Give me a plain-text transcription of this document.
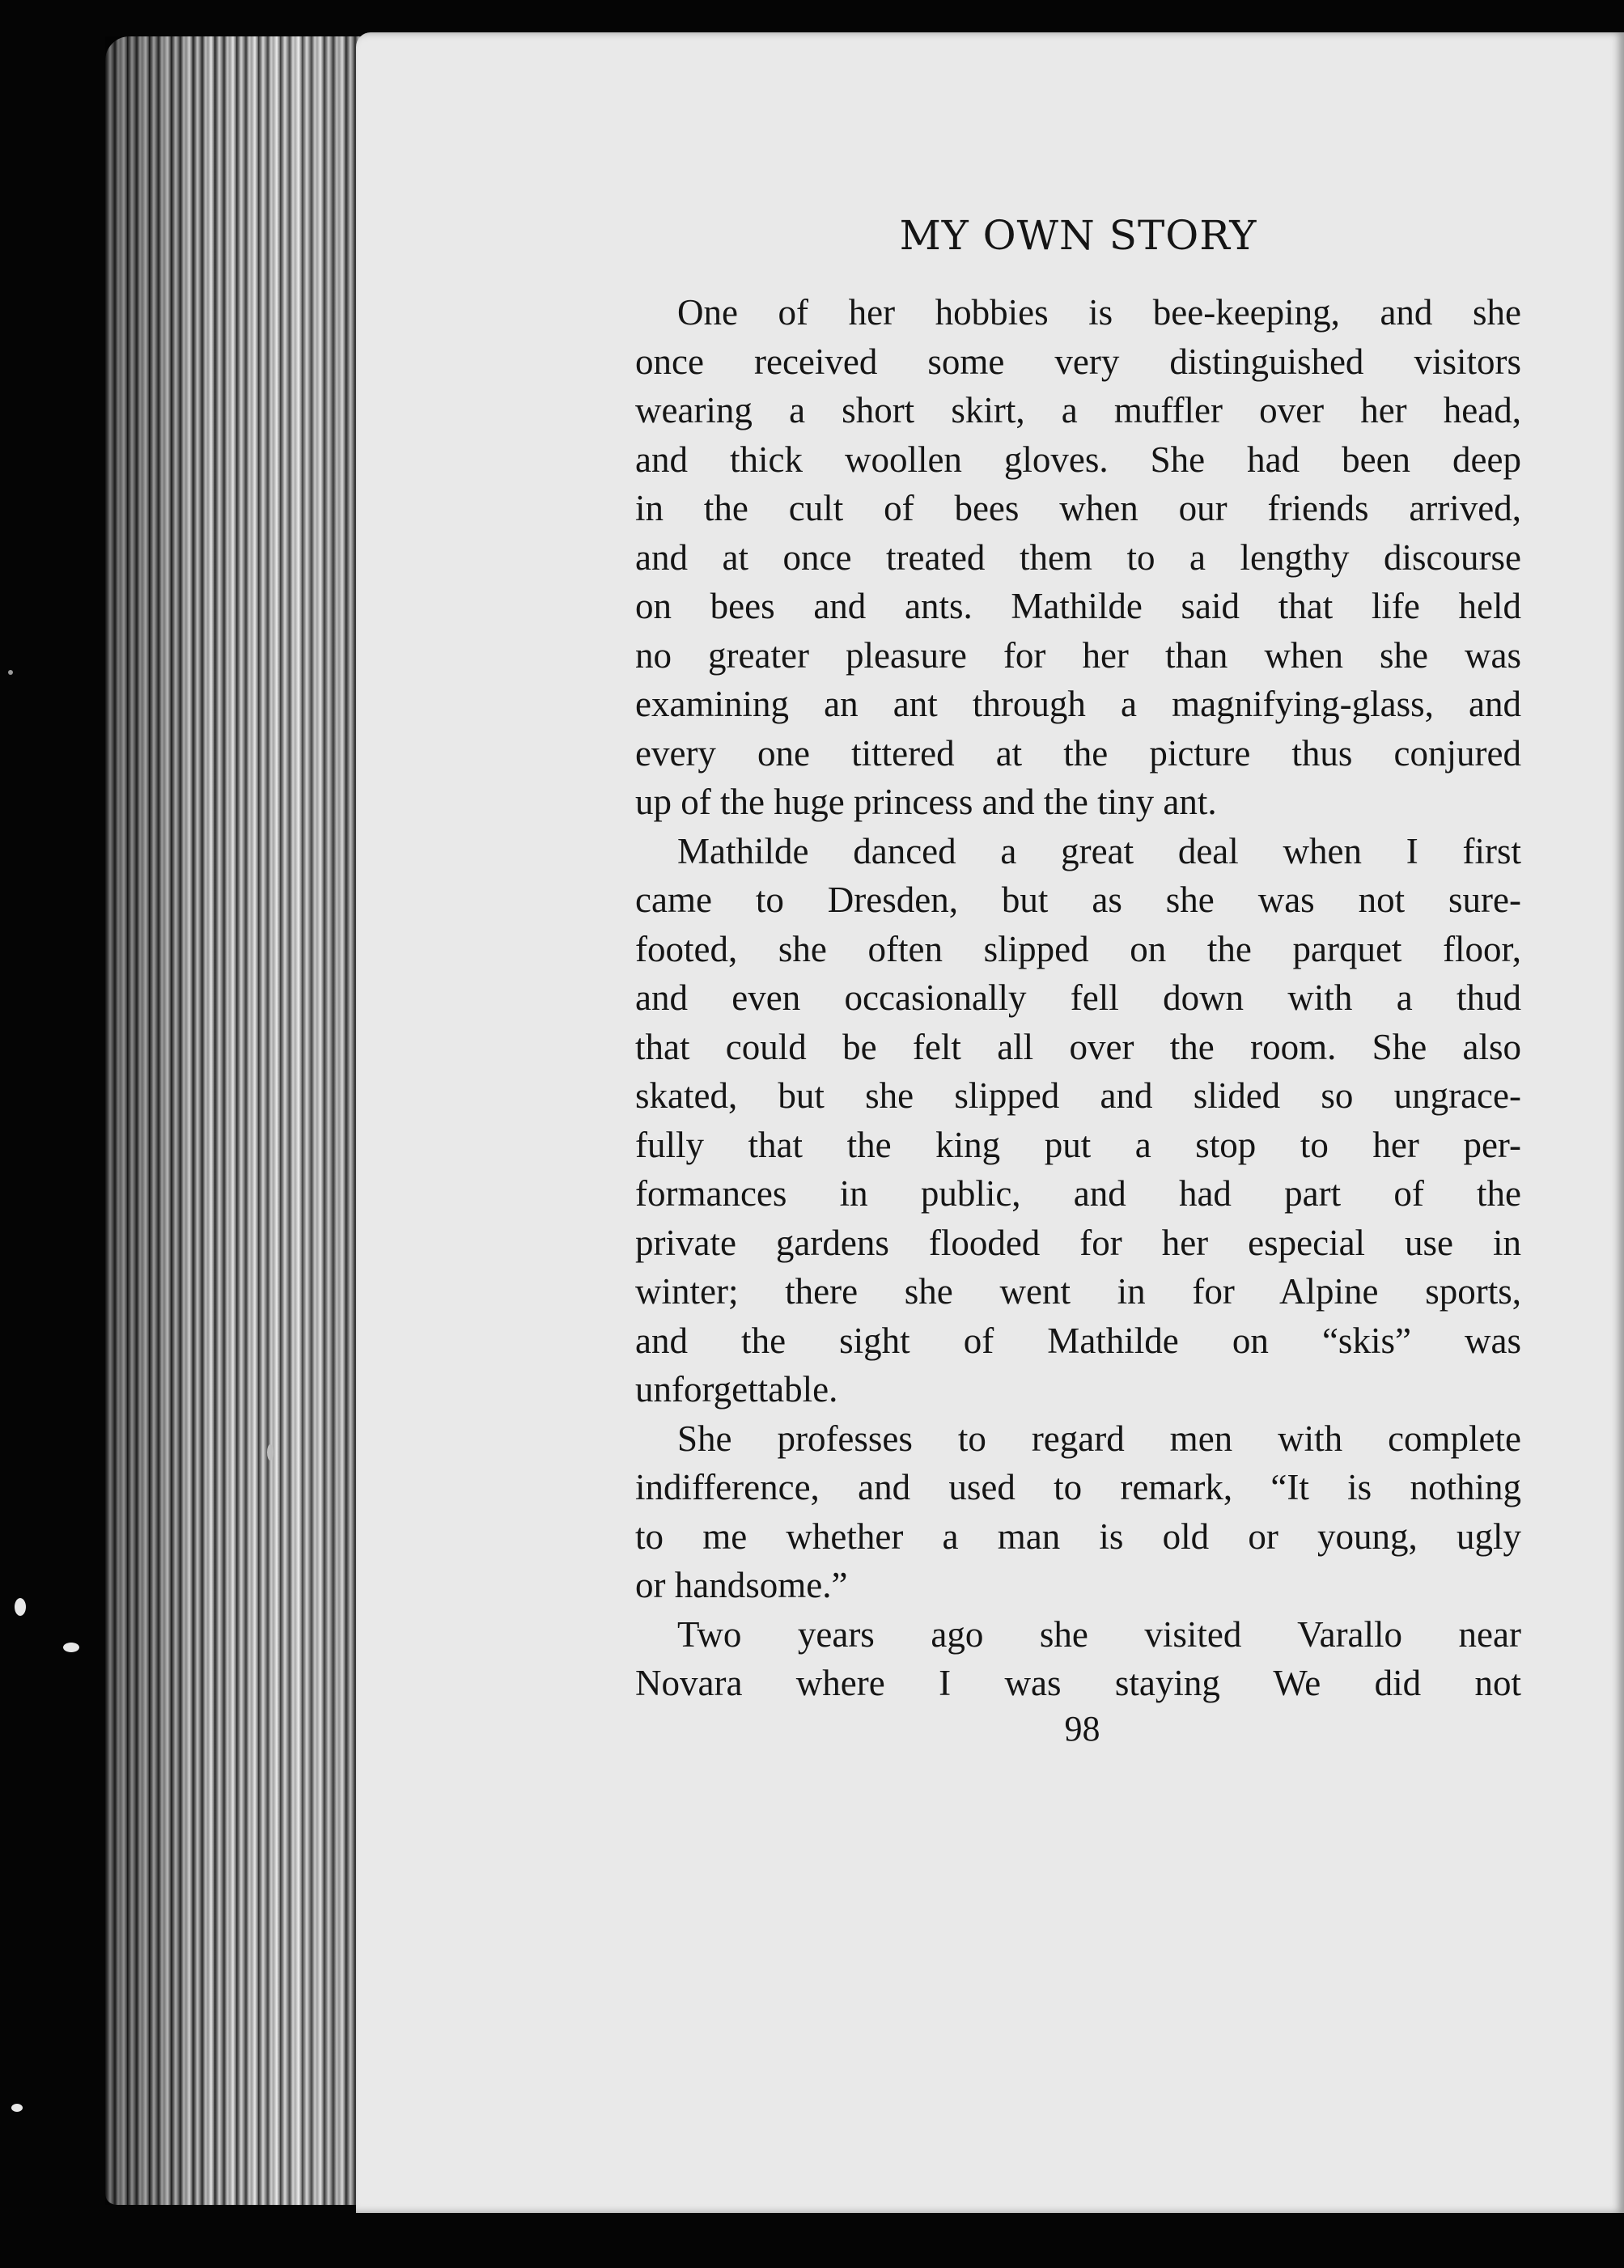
MY OWN STORY

One of her hobbies is bee-keeping, and she
once received some very distinguished visitors
wearing a short skirt, a muffler over her head,
and thick woollen gloves. She had been deep
in the cult of bees when our friends arrived,
and at once treated them to a lengthy discourse
on bees and ants. Mathilde said that life held
no greater pleasure for her than when she was
examining an ant through a magnifying-glass, and
every one tittered at the picture thus conjured
up of the huge princess and the tiny ant.

Mathilde danced a great deal when I first
came to Dresden, but as she was not sure-
footed, she often slipped on the parquet floor,
and even occasionally fell down with a thud
that could be felt all over the room. She also
skated, but she slipped and slided so ungrace-
fully that the king put a stop to her per-
formances in public, and had part of the
private gardens flooded for her especial use in
winter; there she went in for Alpine sports,
and the sight of Mathilde on “skis” was
unforgettable.

She professes to regard men with complete
indifference, and used to remark, “It is nothing
to me whether a man is old or young, ugly
or handsome.”

Two years ago she visited Varallo near
Novara where I was staying We did not

98
